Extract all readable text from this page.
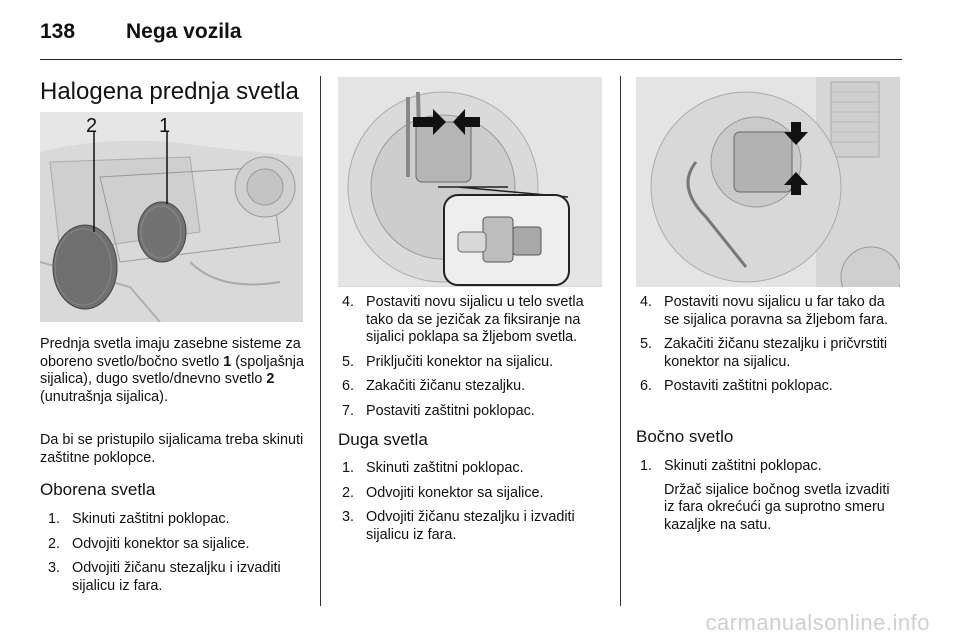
138 Nega vozila
Halogena prednja svetla
2	1

Prednja svetla imaju zasebne sisteme za oboreno svetlo/bočno svetlo 1 (spoljašnja sijalica), dugo svetlo/dnevno svetlo 2 (unutrašnja sijalica).

Da bi se pristupilo sijalicama treba skinuti zaštitne poklopce.

Oborena svetla
1. Skinuti zaštitni poklopac.
2. Odvojiti konektor sa sijalice.
3. Odvojiti žičanu stezaljku i izvaditi sijalicu iz fara.
4. Postaviti novu sijalicu u telo svetla tako da se jezičak za fiksiranje na sijalici poklapa sa žljebom svetla.
5. Priključiti konektor na sijalicu.
6. Zakačiti žičanu stezaljku.
7. Postaviti zaštitni poklopac.
Duga svetla
1. Skinuti zaštitni poklopac.
2. Odvojiti konektor sa sijalice.
3. Odvojiti žičanu stezaljku i izvaditi sijalicu iz fara.
4. Postaviti novu sijalicu u far tako da se sijalica poravna sa žljebom fara.
5. Zakačiti žičanu stezaljku i pričvrstiti konektor na sijalicu.
6. Postaviti zaštitni poklopac.
Bočno svetlo
1. Skinuti zaštitni poklopac.
Držač sijalice bočnog svetla izvaditi iz fara okrećući ga suprotno smeru kazaljke na satu.
carmanualsonline.info
